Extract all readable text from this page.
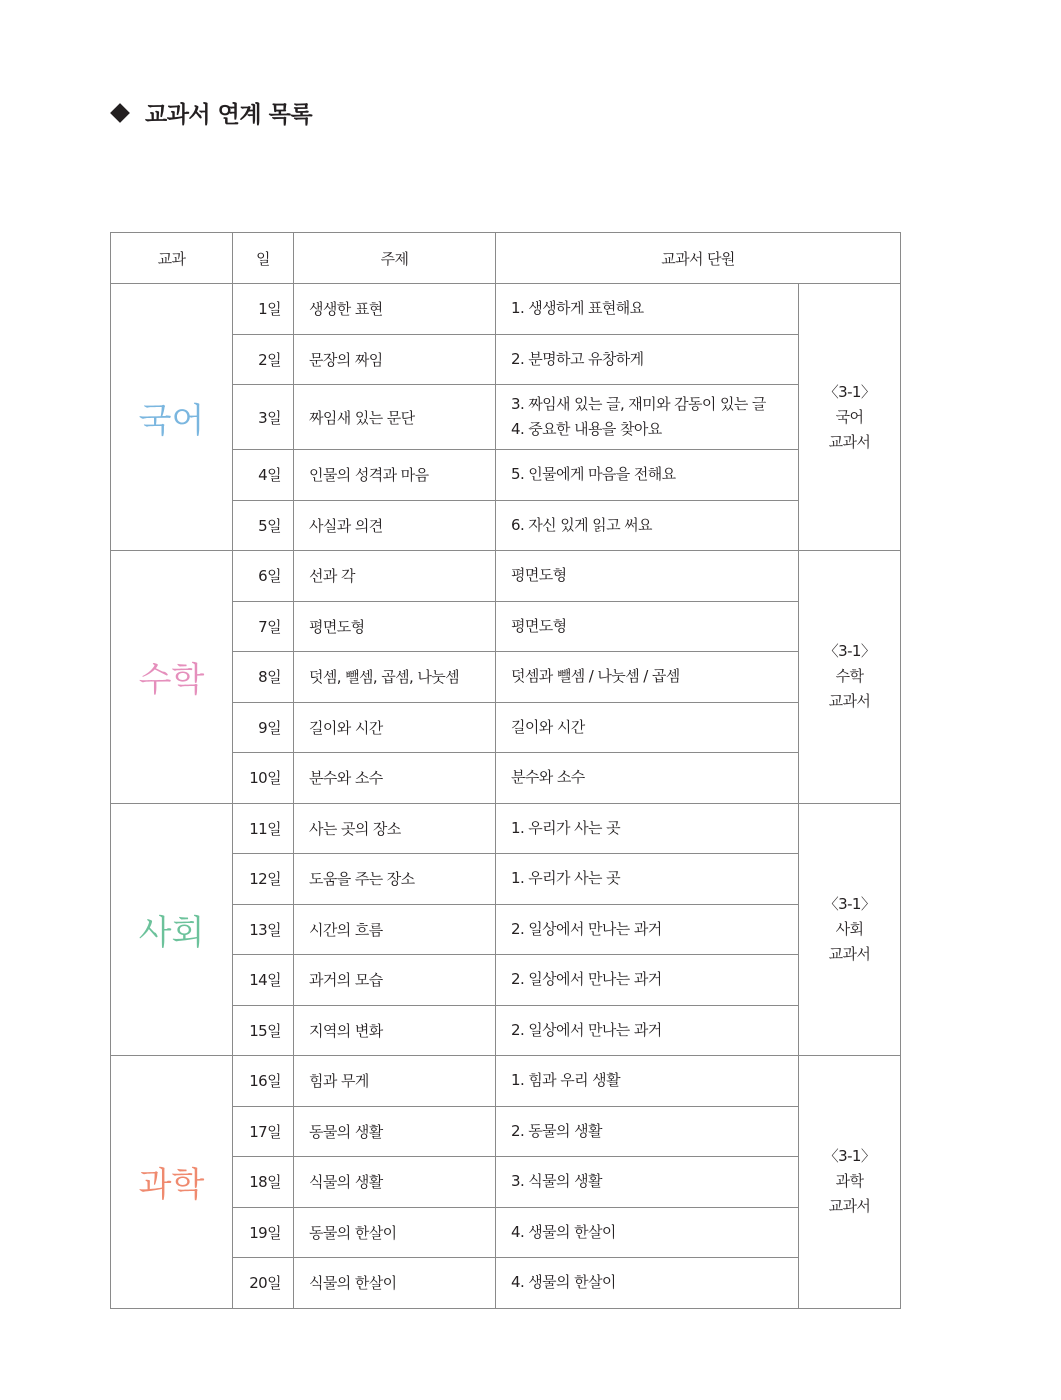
교과서 연계 목록
교과	일	주제	교과서 단원	
국어	1일	생생한 표현	1. 생생하게 표현해요	〈3-1〉
국어
교과서

	2일	문장의 짜임	2. 분명하고 유창하게	

	3일	짜임새 있는 문단	3. 짜임새 있는 글, 재미와 감동이 있는 글
4. 중요한 내용을 찾아요	

	4일	인물의 성격과 마음	5. 인물에게 마음을 전해요	

	5일	사실과 의견	6. 자신 있게 읽고 써요	

수학	6일	선과 각	평면도형	〈3-1〉
수학
교과서

	7일	평면도형	평면도형	

	8일	덧셈, 뺄셈, 곱셈, 나눗셈	덧셈과 뺄셈 / 나눗셈 / 곱셈	

	9일	길이와 시간	길이와 시간	

	10일	분수와 소수	분수와 소수	

사회	11일	사는 곳의 장소	1. 우리가 사는 곳	〈3-1〉
사회
교과서

	12일	도움을 주는 장소	1. 우리가 사는 곳	

	13일	시간의 흐름	2. 일상에서 만나는 과거	

	14일	과거의 모습	2. 일상에서 만나는 과거	

	15일	지역의 변화	2. 일상에서 만나는 과거	

과학	16일	힘과 무게	1. 힘과 우리 생활	〈3-1〉
과학
교과서

	17일	동물의 생활	2. 동물의 생활	

	18일	식물의 생활	3. 식물의 생활	

	19일	동물의 한살이	4. 생물의 한살이	

	20일	식물의 한살이	4. 생물의 한살이	
